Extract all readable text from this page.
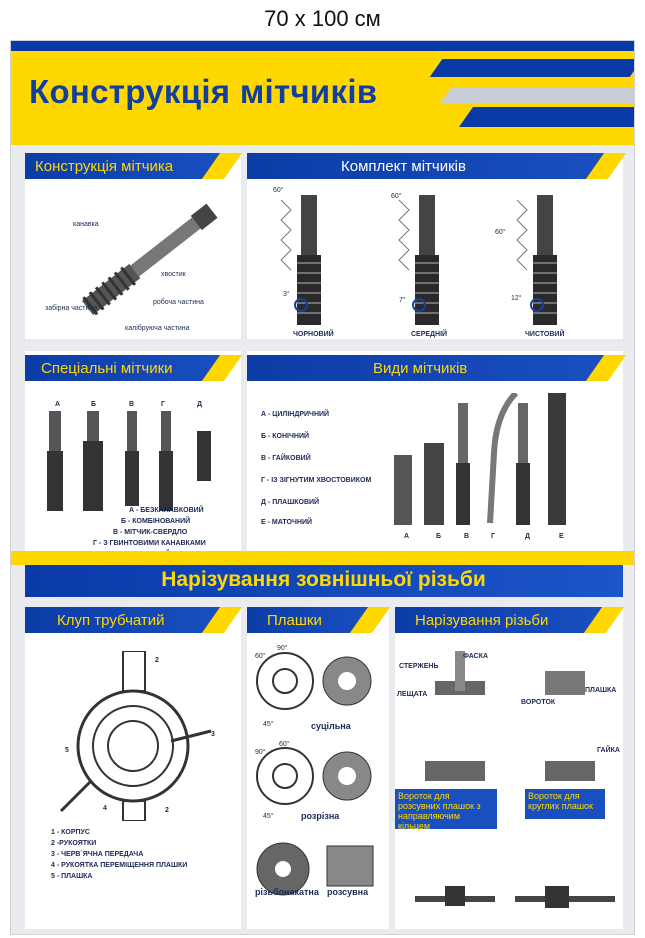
70 x 100 см
Конструкція мітчиків
Конструкція мітчика
канавка
хвостик
робоча частина
забірна частина
калібруюча частина
Комплект мітчиків
60°
60°
60°
3°
7°	12°
ЧОРНОВИЙ	СЕРЕДНІЙ	ЧИСТОВИЙ
Спеціальні мітчики
А	Б	В	Г	Д
А - БЕЗКАНАВКОВИЙ
Б - КОМБІНОВАНИЙ
В - МІТЧИК-СВЕРДЛО
Г - З ГВИНТОВИМИ КАНАВКАМИ
Види мітчиків
А - ЦИЛІНДРИЧНИЙ
Б - КОНІЧНИЙ
В - ГАЙКОВИЙ
Г - ІЗ ЗІГНУТИМ ХВОСТОВИКОМ
Д - ПЛАШКОВИЙ
Е - МАТОЧНИЙ
А	Б	В	Г	Д	Е
Нарізування зовнішньої різьби
Клуп трубчатий
2
3
5
4	2
1 - КОРПУС
2 -РУКОЯТКИ
3 - ЧЕРВ`ЯЧНА ПЕРЕДАЧА
4 - РУКОЯТКА ПЕРЕМІЩЕННЯ ПЛАШКИ
5 - ПЛАШКА
Плашки
60°
90°
45°
90°
60°
45°
суцільна
розрізна
різьбонакатна розсувна
Нарізування різьби
СТЕРЖЕНЬ
ФАСКА
ЛЕЩАТА
ПЛАШКА
ВОРОТОК
ГАЙКА
Вороток для розсувних плашок з направляючим кільцем
Вороток для круглих плашок
